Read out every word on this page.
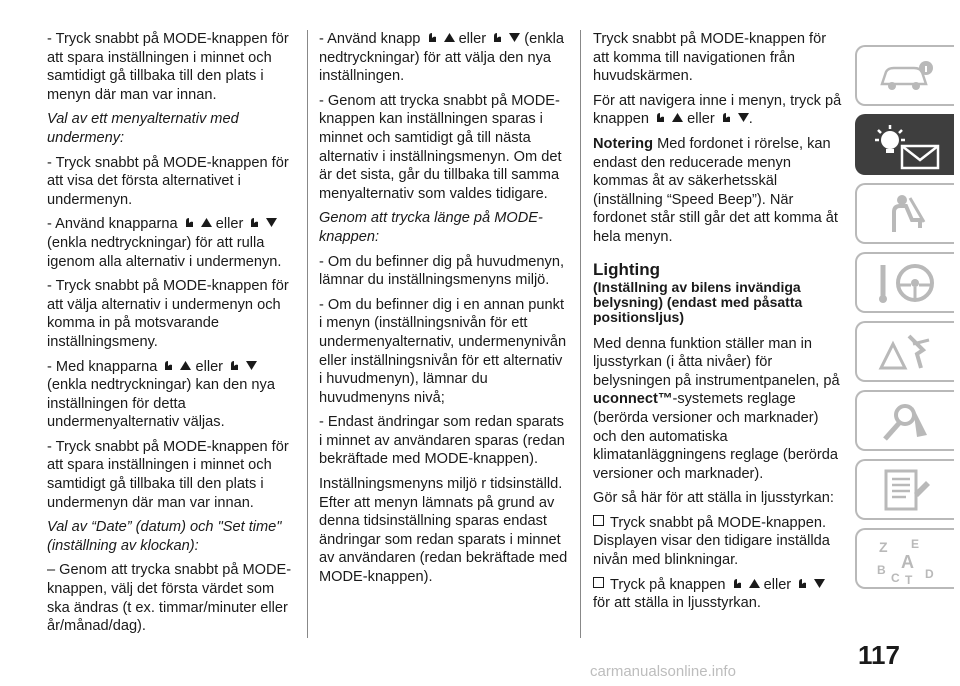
- Tryck snabbt på MODE-knappen för att spara inställningen i minnet och samtidigt gå tillbaka till den plats i menyn där man var innan.

Val av ett menyalternativ med undermeny:

- Tryck snabbt på MODE-knappen för att visa det första alternativet i undermenyn.

- Använd knapparna	eller
(enkla nedtryckningar) för att rulla igenom alla alternativ i undermenyn.

- Tryck snabbt på MODE-knappen för att välja alternativ i undermenyn och komma in på motsvarande inställningsmeny.

- Med knapparna	eller
(enkla nedtryckningar) kan den nya inställningen för detta undermenyalternativ väljas.

- Tryck snabbt på MODE-knappen för att spara inställningen i minnet och samtidigt gå tillbaka till den plats i undermenyn där man var innan.

Val av “Date” (datum) och "Set time" (inställning av klockan):

– Genom att trycka snabbt på MODE-knappen, välj det första värdet som ska ändras (t ex. timmar/minuter eller år/månad/dag).

- Använd knapp	eller	(enkla nedtryckningar) för att välja den nya inställningen.

- Genom att trycka snabbt på MODE-knappen kan inställningen sparas i minnet och samtidigt gå till nästa alternativ i inställningsmenyn. Om det är det sista, går du tillbaka till samma menyalternativ som valdes tidigare.

Genom att trycka länge på MODE-knappen:

- Om du befinner dig på huvudmenyn, lämnar du inställningsmenyns miljö.

- Om du befinner dig i en annan punkt i menyn (inställningsnivån för ett undermenyalternativ, undermenynivån eller inställningsnivån för ett alternativ i huvudmenyn), lämnar du huvudmenyns nivå;

- Endast ändringar som redan sparats i minnet av användaren sparas (redan bekräftade med MODE-knappen).

Inställningsmenyns miljö r tidsinställd. Efter att menyn lämnats på grund av denna tidsinställning sparas endast ändringar som redan sparats i minnet av användaren (redan bekräftade med MODE-knappen).

Tryck snabbt på MODE-knappen för att komma till navigationen från huvudskärmen.

För att navigera inne i menyn, tryck på knappen	eller .

Notering Med fordonet i rörelse, kan endast den reducerade menyn kommas åt av säkerhetsskäl (inställning “Speed Beep”). När fordonet står still går det att komma åt hela menyn.

Lighting
(Inställning av bilens invändiga belysning) (endast med påsatta positionsljus)

Med denna funktion ställer man in ljusstyrkan (i åtta nivåer) för belysningen på instrumentpanelen, på uconnect™-systemets reglage (berörda versioner och marknader) och den automatiska klimatanläggningens reglage (berörda versioner och marknader).

Gör så här för att ställa in ljusstyrkan:

Tryck snabbt på MODE-knappen. Displayen visar den tidigare inställda nivån med blinkningar.

Tryck på knappen	eller
för att ställa in ljusstyrkan.

Z E
B A
C T D
117
carmanualsonline.info
